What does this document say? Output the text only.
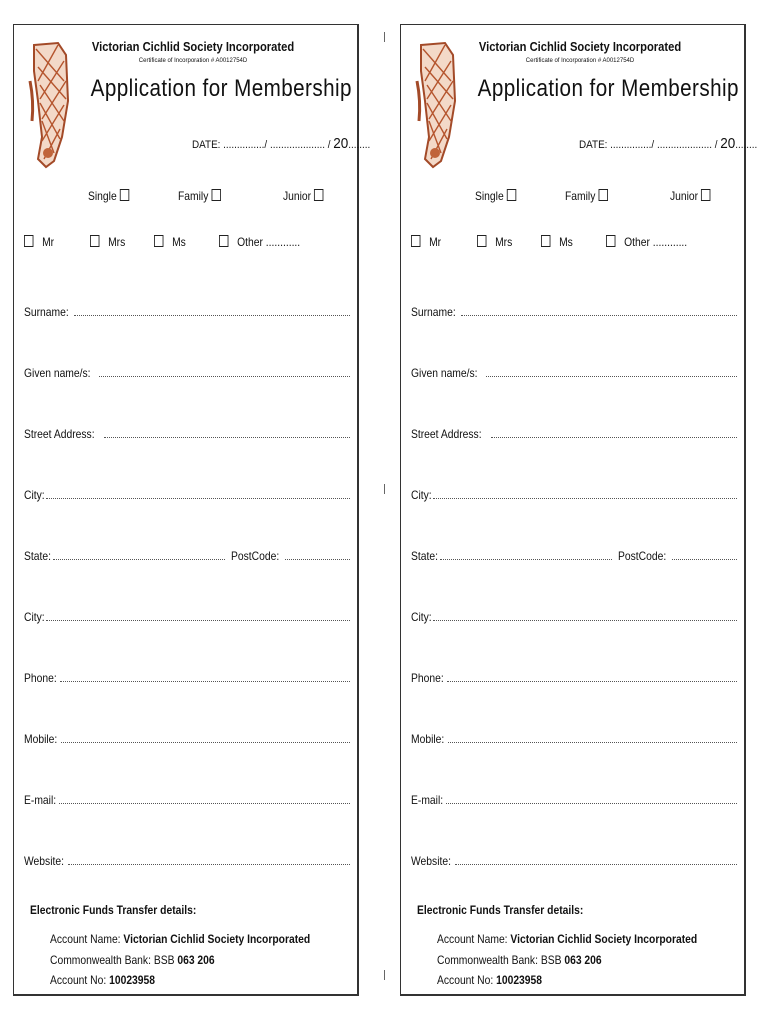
Victorian Cichlid Society Incorporated
Certificate of Incorporation # A0012754D
Application for Membership
DATE: .............../ .................... / 20........
Single	Family	Junior
Mr	Mrs	Ms	Other ............
Surname:
Given name/s:
Street Address:
City:
State:	PostCode:
City:
Phone:
Mobile:
E-mail:
Website:
Electronic Funds Transfer details:
Account Name: Victorian Cichlid Society Incorporated
Commonwealth Bank: BSB 063 206
Account No: 10023958
Victorian Cichlid Society Incorporated
Certificate of Incorporation # A0012754D
Application for Membership
DATE: .............../ .................... / 20........
Single	Family	Junior
Mr	Mrs	Ms	Other ............
Surname:
Given name/s:
Street Address:
City:
State:	PostCode:
City:
Phone:
Mobile:
E-mail:
Website:
Electronic Funds Transfer details:
Account Name: Victorian Cichlid Society Incorporated
Commonwealth Bank: BSB 063 206
Account No: 10023958
